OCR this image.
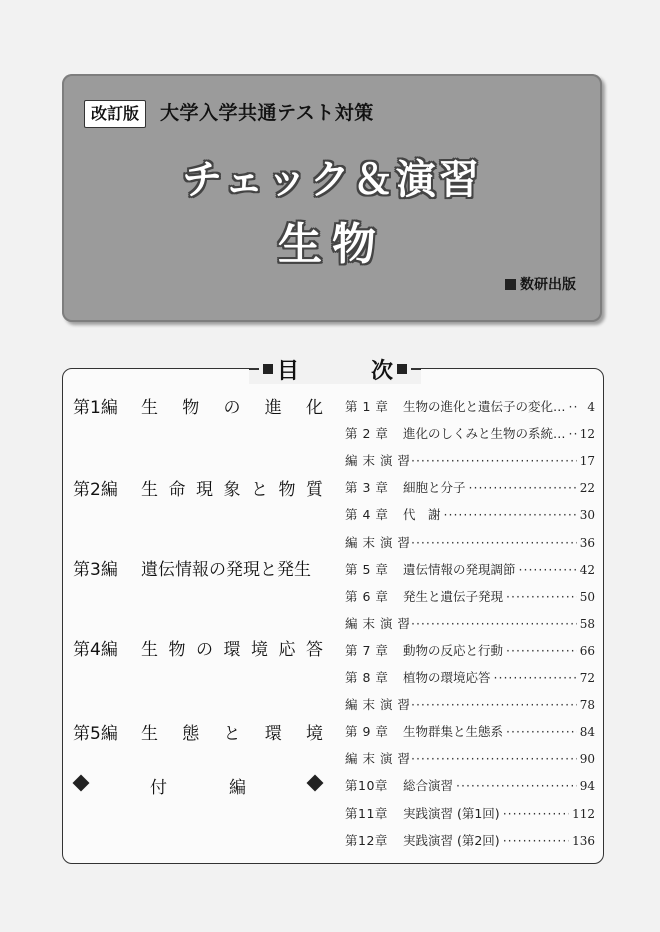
改訂版	大学入学共通テスト対策
チェック＆演習
生物
数研出版
目	次
第1編	生 物 の 進 化
第2編	生 命 現 象 と 物 質
第3編	遺伝情報の発現と発生
第4編	生 物 の 環 境 応 答
第5編	生 態 と 環 境
付	編
第 1 章	生物の進化と遺伝子の変化… ·····	4
第 2 章	進化のしくみと生物の系統… ····· 12
編 末 演 習 ·····	17
第 3 章	細胞と分子 ·····	22
第 4 章	代　謝 ·····	30
編 末 演 習 ·····	36
第 5 章	遺伝情報の発現調節 ·····	42
第 6 章	発生と遺伝子発現 ·····	50
編 末 演 習 ·····	58
第 7 章	動物の反応と行動 ·····	66
第 8 章	植物の環境応答 ·····	72
編 末 演 習 ·····	78
第 9 章	生物群集と生態系 ·····	84
編 末 演 習 ·····	90
第10章	総合演習 ·····	94
第11章	実践演習 (第1回) ·····	112
第12章	実践演習 (第2回) ·····	136
